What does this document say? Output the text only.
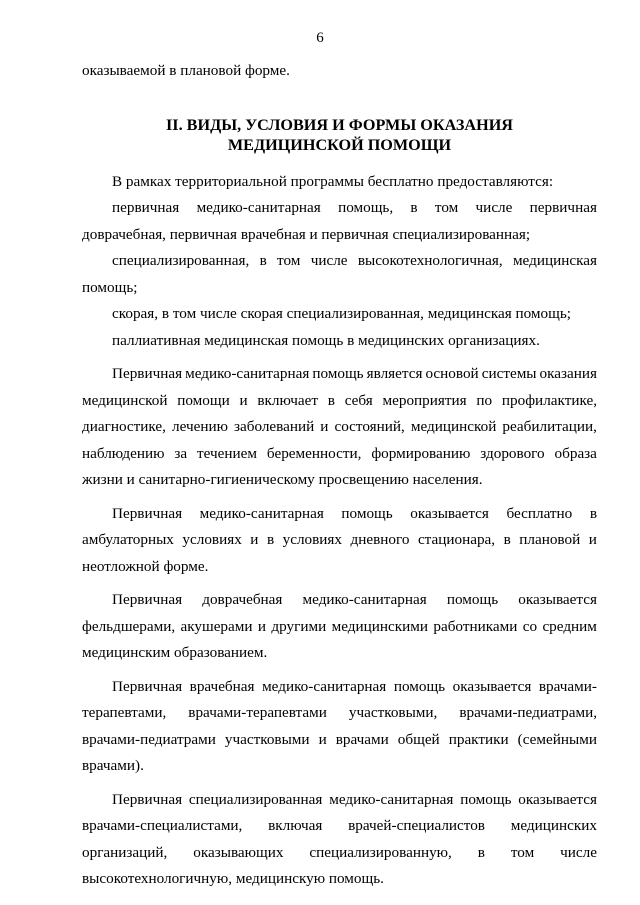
6
оказываемой в плановой форме.
II. ВИДЫ, УСЛОВИЯ И ФОРМЫ ОКАЗАНИЯ
МЕДИЦИНСКОЙ ПОМОЩИ
В рамках территориальной программы бесплатно предоставляются:
первичная медико-санитарная помощь, в том числе первичная
доврачебная, первичная врачебная и первичная специализированная;
специализированная, в том числе высокотехнологичная, медицинская
помощь;
скорая, в том числе скорая специализированная, медицинская помощь;
паллиативная медицинская помощь в медицинских организациях.
Первичная медико-санитарная помощь является основой системы оказания
медицинской помощи и включает в себя мероприятия по профилактике,
диагностике, лечению заболеваний и состояний, медицинской реабилитации,
наблюдению за течением беременности, формированию здорового образа
жизни и санитарно-гигиеническому просвещению населения.
Первичная медико-санитарная помощь оказывается бесплатно в
амбулаторных условиях и в условиях дневного стационара, в плановой и
неотложной форме.
Первичная доврачебная медико-санитарная помощь оказывается
фельдшерами, акушерами и другими медицинскими работниками со средним
медицинским образованием.
Первичная врачебная медико-санитарная помощь оказывается врачами-
терапевтами, врачами-терапевтами участковыми, врачами-педиатрами,
врачами-педиатрами участковыми и врачами общей практики (семейными
врачами).
Первичная специализированная медико-санитарная помощь оказывается
врачами-специалистами, включая врачей-специалистов медицинских
организаций, оказывающих специализированную, в том числе
высокотехнологичную, медицинскую помощь.
